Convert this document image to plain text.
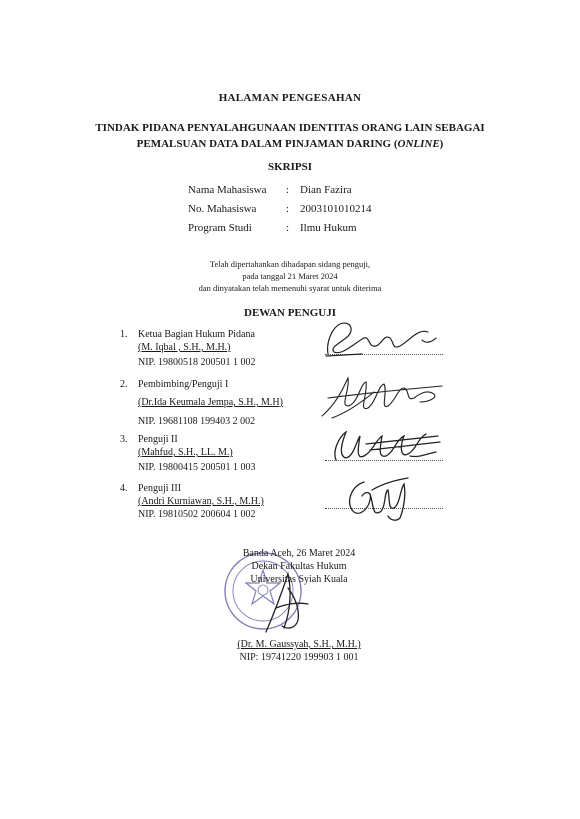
HALAMAN PENGESAHAN
TINDAK PIDANA PENYALAHGUNAAN IDENTITAS ORANG LAIN SEBAGAI
PEMALSUAN DATA DALAM PINJAMAN DARING (ONLINE)
SKRIPSI
Nama Mahasiswa : Dian Fazira
No. Mahasiswa	: 2003101010214
Program Studi	: Ilmu Hukum
Telah dipertahankan dihadapan sidang penguji,
pada tanggal 21 Maret 2024
dan dinyatakan telah memenuhi syarat untuk diterima
DEWAN PENGUJI
1. Ketua Bagian Hukum Pidana
(M. Iqbal , S.H., M.H.)
NIP. 19800518 200501 1 002
2. Pembimbing/Penguji I
(Dr.Ida Keumala Jempa, S.H., M.H)
NIP. 19681108 199403 2 002
3. Penguji II
(Mahfud, S.H., LL. M.)
NIP. 19800415 200501 1 003
4. Penguji III
(Andri Kurniawan, S.H., M.H.)
NIP. 19810502 200604 1 002
Banda Aceh, 26 Maret 2024
Dekan Fakultas Hukum
Universitas Syiah Kuala
(Dr. M. Gaussyah, S.H., M.H.)
NIP: 19741220 199903 1 001
